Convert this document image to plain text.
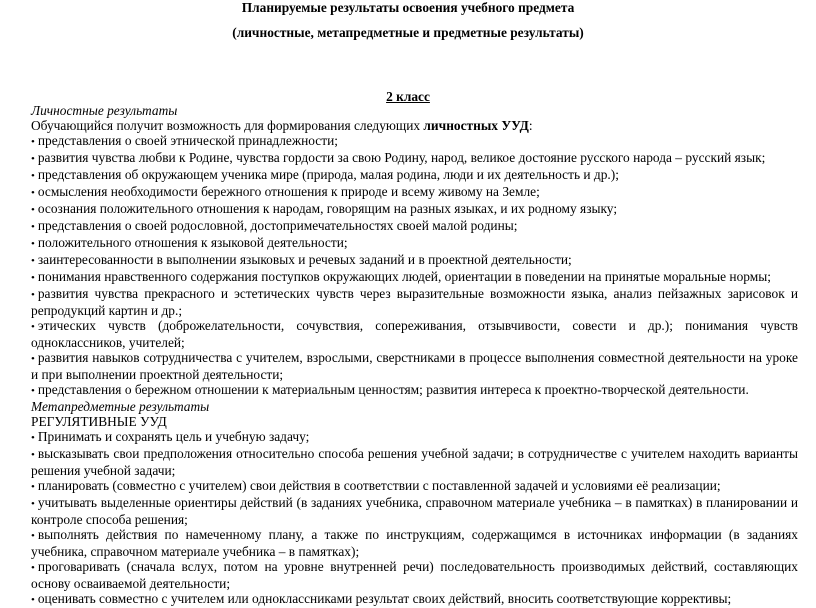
Планируемые результаты освоения учебного предмета
(личностные, метапредметные и предметные результаты)
2 класс

Личностные результаты

Обучающийся получит возможность для формирования следующих личностных УУД:

• представления о своей этнической принадлежности;

• развития чувства любви к Родине, чувства гордости за свою Родину, народ, великое достояние русского народа – русский язык;

• представления об окружающем ученика мире (природа, малая родина, люди и их деятельность и др.);

• осмысления необходимости бережного отношения к природе и всему живому на Земле;

• осознания положительного отношения к народам, говорящим на разных языках, и их родному языку;

• представления о своей родословной, достопримечательностях своей малой родины;

• положительного отношения к языковой деятельности;

• заинтересованности в выполнении языковых и речевых заданий и в проектной деятельности;

• понимания нравственного содержания поступков окружающих людей, ориентации в поведении на принятые моральные нормы;

• развития чувства прекрасного и эстетических чувств через выразительные возможности языка, анализ пейзажных зарисовок и репродукций картин и др.;

• этических чувств (доброжелательности, сочувствия, сопереживания, отзывчивости, совести и др.); понимания чувств одноклассников, учителей;

• развития навыков сотрудничества с учителем, взрослыми, сверстниками в процессе выполнения совместной деятельности на уроке и при выполнении проектной деятельности;

• представления о бережном отношении к материальным ценностям; развития интереса к проектно-творческой деятельности.

Метапредметные результаты

РЕГУЛЯТИВНЫЕ УУД

• Принимать и сохранять цель и учебную задачу;

• высказывать свои предположения относительно способа решения учебной задачи; в сотрудничестве с учителем находить варианты решения учебной задачи;

• планировать (совместно с учителем) свои действия в соответствии с поставленной задачей и условиями её реализации;

• учитывать выделенные ориентиры действий (в заданиях учебника, справочном материале учебника – в памятках) в планировании и контроле способа решения;

• выполнять действия по намеченному плану, а также по инструкциям, содержащимся в источниках информации (в заданиях учебника, справочном материале учебника – в памятках);

• проговаривать (сначала вслух, потом на уровне внутренней речи) последовательность производимых действий, составляющих основу осваиваемой деятельности;

• оценивать совместно с учителем или одноклассниками результат своих действий, вносить соответствующие коррективы;
